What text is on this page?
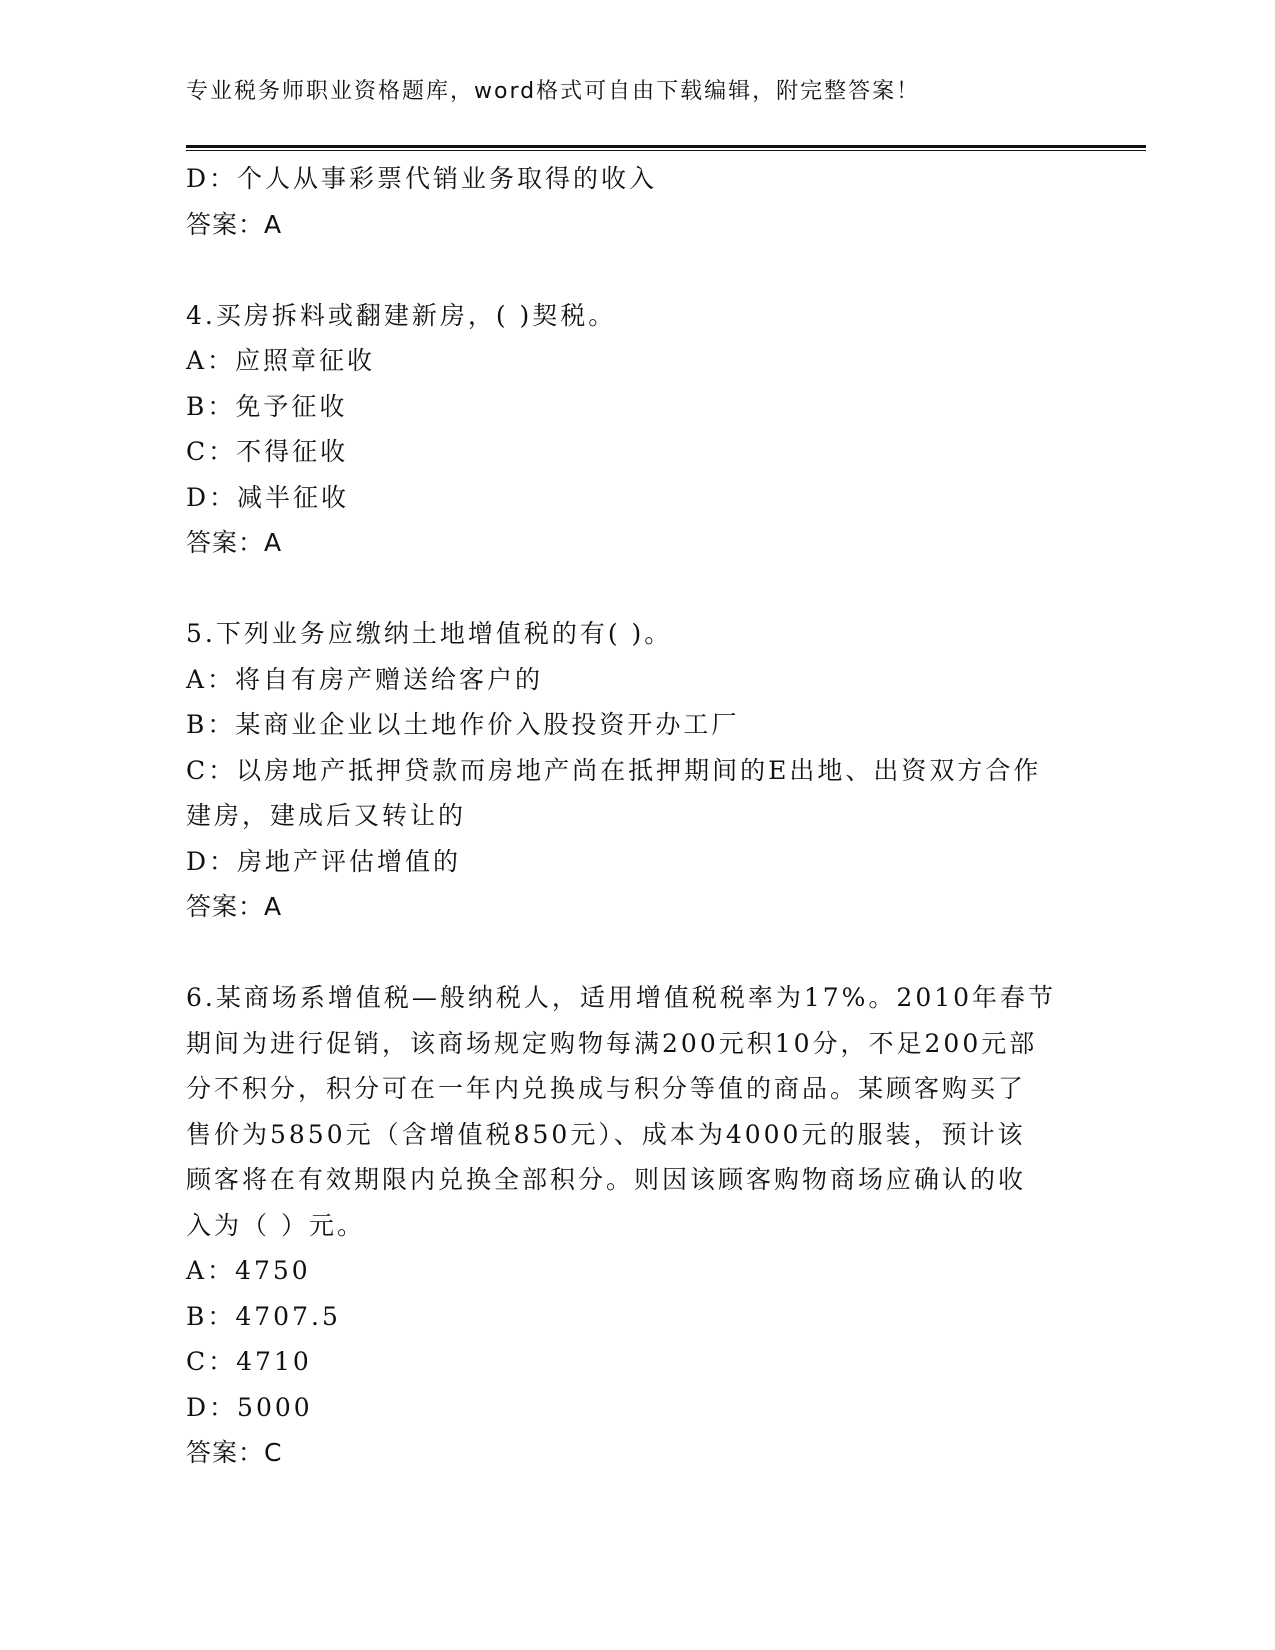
专业税务师职业资格题库，word格式可自由下载编辑，附完整答案！
D：个人从事彩票代销业务取得的收入
答案：A
4.买房拆料或翻建新房，( )契税。
A：应照章征收
B：免予征收
C：不得征收
D：减半征收
答案：A
5.下列业务应缴纳土地增值税的有( )。
A：将自有房产赠送给客户的
B：某商业企业以土地作价入股投资开办工厂
C：以房地产抵押贷款而房地产尚在抵押期间的E出地、出资双方合作
建房，建成后又转让的
D：房地产评估增值的
答案：A
6.某商场系增值税—般纳税人，适用增值税税率为17%。2010年春节
期间为进行促销，该商场规定购物每满200元积10分，不足200元部
分不积分，积分可在一年内兑换成与积分等值的商品。某顾客购买了
售价为5850元（含增值税850元）、成本为4000元的服装，预计该
顾客将在有效期限内兑换全部积分。则因该顾客购物商场应确认的收
入为（ ）元。
A：4750
B：4707.5
C：4710
D：5000
答案：C
